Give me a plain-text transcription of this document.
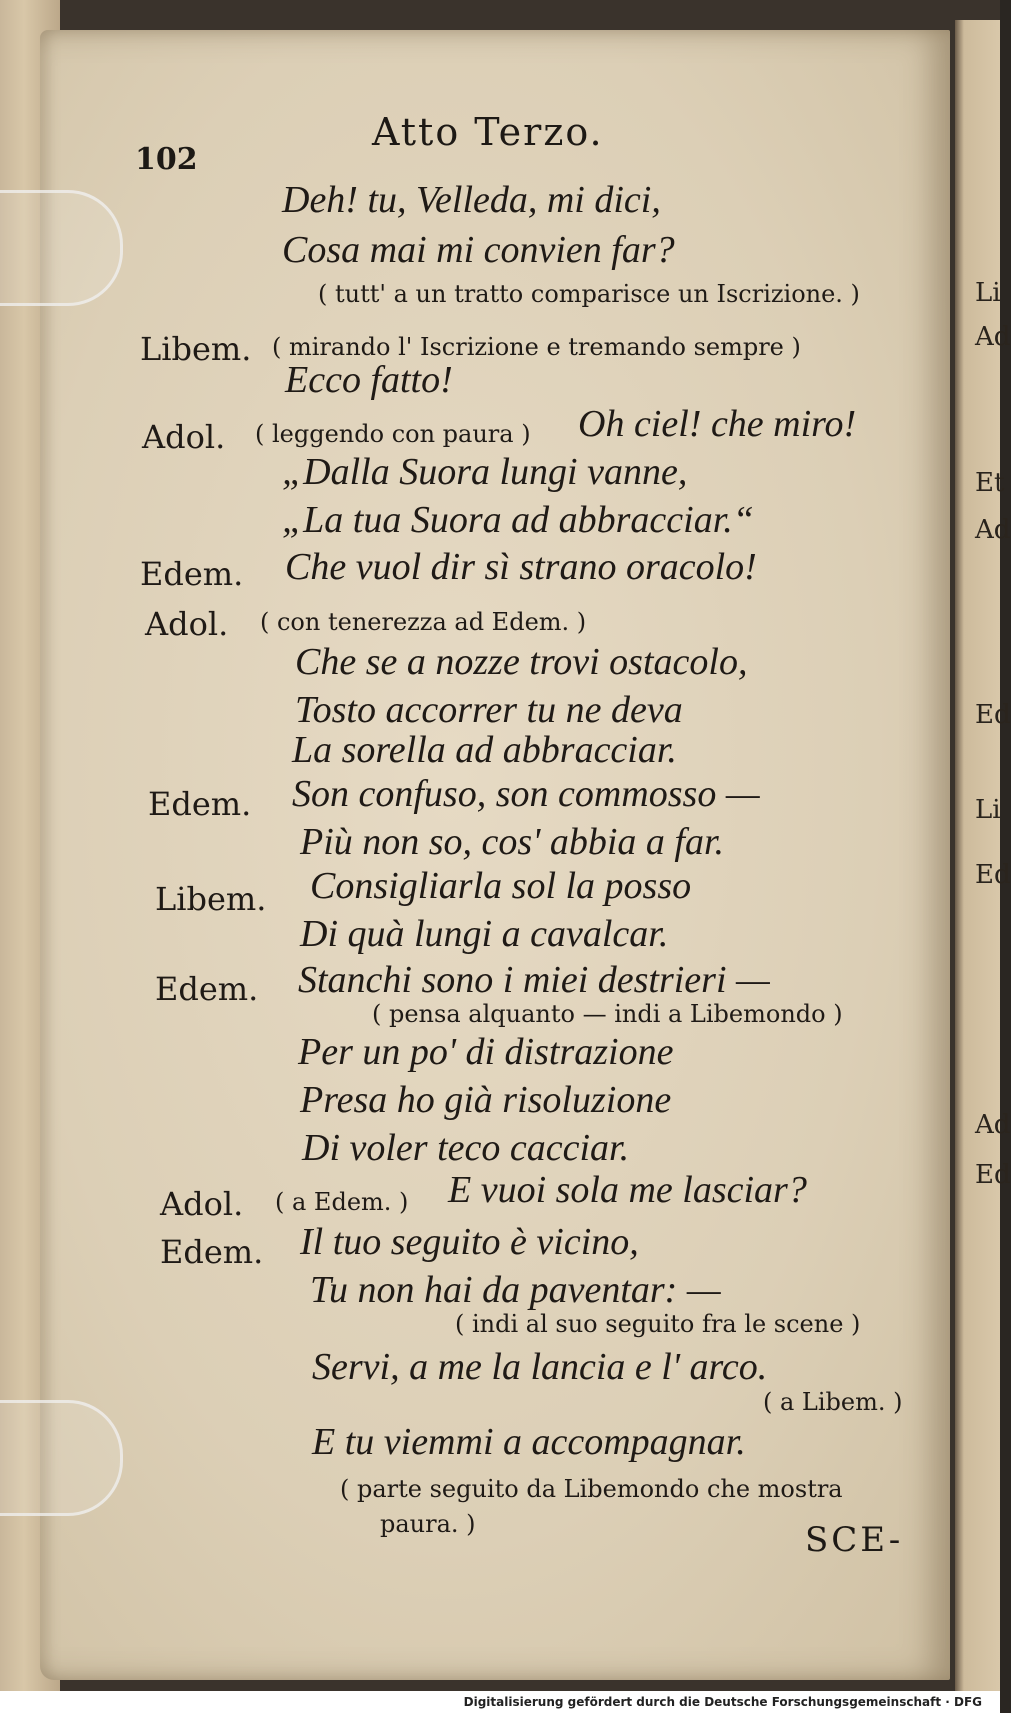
Li
Ad
Et
Ad
Ed
Li
Ed
Ad
Ed
102
Atto Terzo.
Deh! tu, Velleda, mi dici,
Cosa mai mi convien far?
( tutt' a un tratto comparisce un Iscrizione. )
Libem. ( mirando l' Iscrizione e tremando sempre )
Ecco fatto!
Adol. ( leggendo con paura ) Oh ciel! che miro!
„Dalla Suora lungi vanne,
„La tua Suora ad abbracciar.“
Edem. Che vuol dir sì strano oracolo!
Adol. ( con tenerezza ad Edem. )
Che se a nozze trovi ostacolo,
Tosto accorrer tu ne deva
La sorella ad abbracciar.
Edem. Son confuso, son commosso —
Più non so, cos' abbia a far.
Libem. Consigliarla sol la posso
Di quà lungi a cavalcar.
Edem. Stanchi sono i miei destrieri —
( pensa alquanto — indi a Libemondo )
Per un po' di distrazione
Presa ho già risoluzione
Di voler teco cacciar.
Adol. ( a Edem. ) E vuoi sola me lasciar?
Edem. Il tuo seguito è vicino,
Tu non hai da paventar: —
( indi al suo seguito fra le scene )
Servi, a me la lancia e l' arco.
( a Libem. )
E tu viemmi a accompagnar.
( parte seguito da Libemondo che mostra
paura. )	SCE-
Digitalisierung gefördert durch die Deutsche Forschungsgemeinschaft · DFG
